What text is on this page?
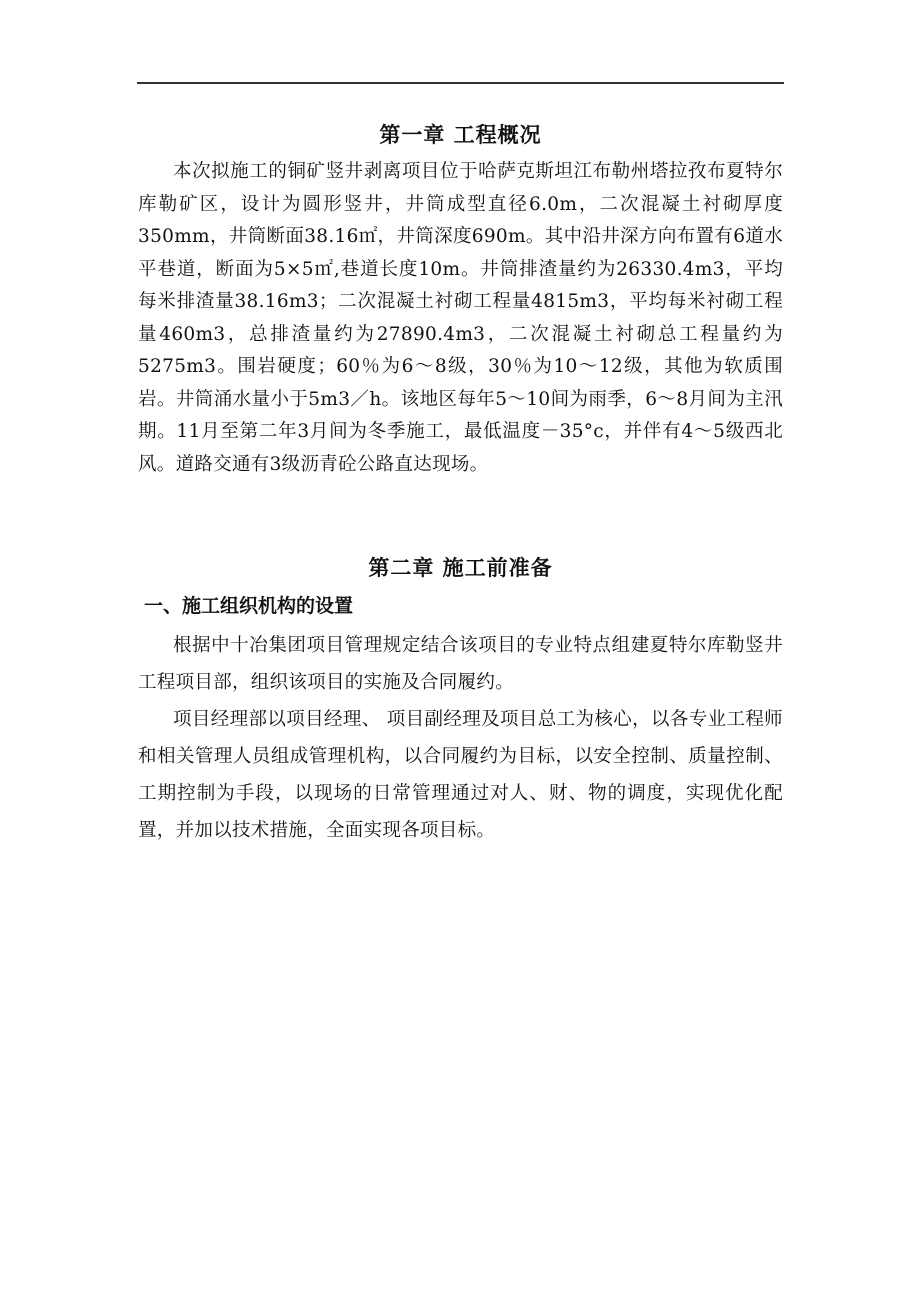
第一章 工程概况

本次拟施工的铜矿竖井剥离项目位于哈萨克斯坦江布勒州塔拉孜布夏特尔库勒矿区，设计为圆形竖井，井筒成型直径6.0m，二次混凝土衬砌厚度350mm，井筒断面38.16㎡，井筒深度690m。其中沿井深方向布置有6道水平巷道，断面为5×5㎡,巷道长度10m。井筒排渣量约为26330.4m3，平均每米排渣量38.16m3；二次混凝土衬砌工程量4815m3，平均每米衬砌工程量460m3，总排渣量约为27890.4m3，二次混凝土衬砌总工程量约为5275m3。围岩硬度；60％为6～8级，30％为10～12级，其他为软质围岩。井筒涌水量小于5m3／h。该地区每年5～10间为雨季，6～8月间为主汛期。11月至第二年3月间为冬季施工，最低温度－35°c，并伴有4～5级西北风。道路交通有3级沥青砼公路直达现场。

第二章 施工前准备
一、施工组织机构的设置

根据中十冶集团项目管理规定结合该项目的专业特点组建夏特尔库勒竖井工程项目部，组织该项目的实施及合同履约。

项目经理部以项目经理、 项目副经理及项目总工为核心，以各专业工程师和相关管理人员组成管理机构，以合同履约为目标，以安全控制、质量控制、工期控制为手段，以现场的日常管理通过对人、财、物的调度，实现优化配置，并加以技术措施，全面实现各项目标。
